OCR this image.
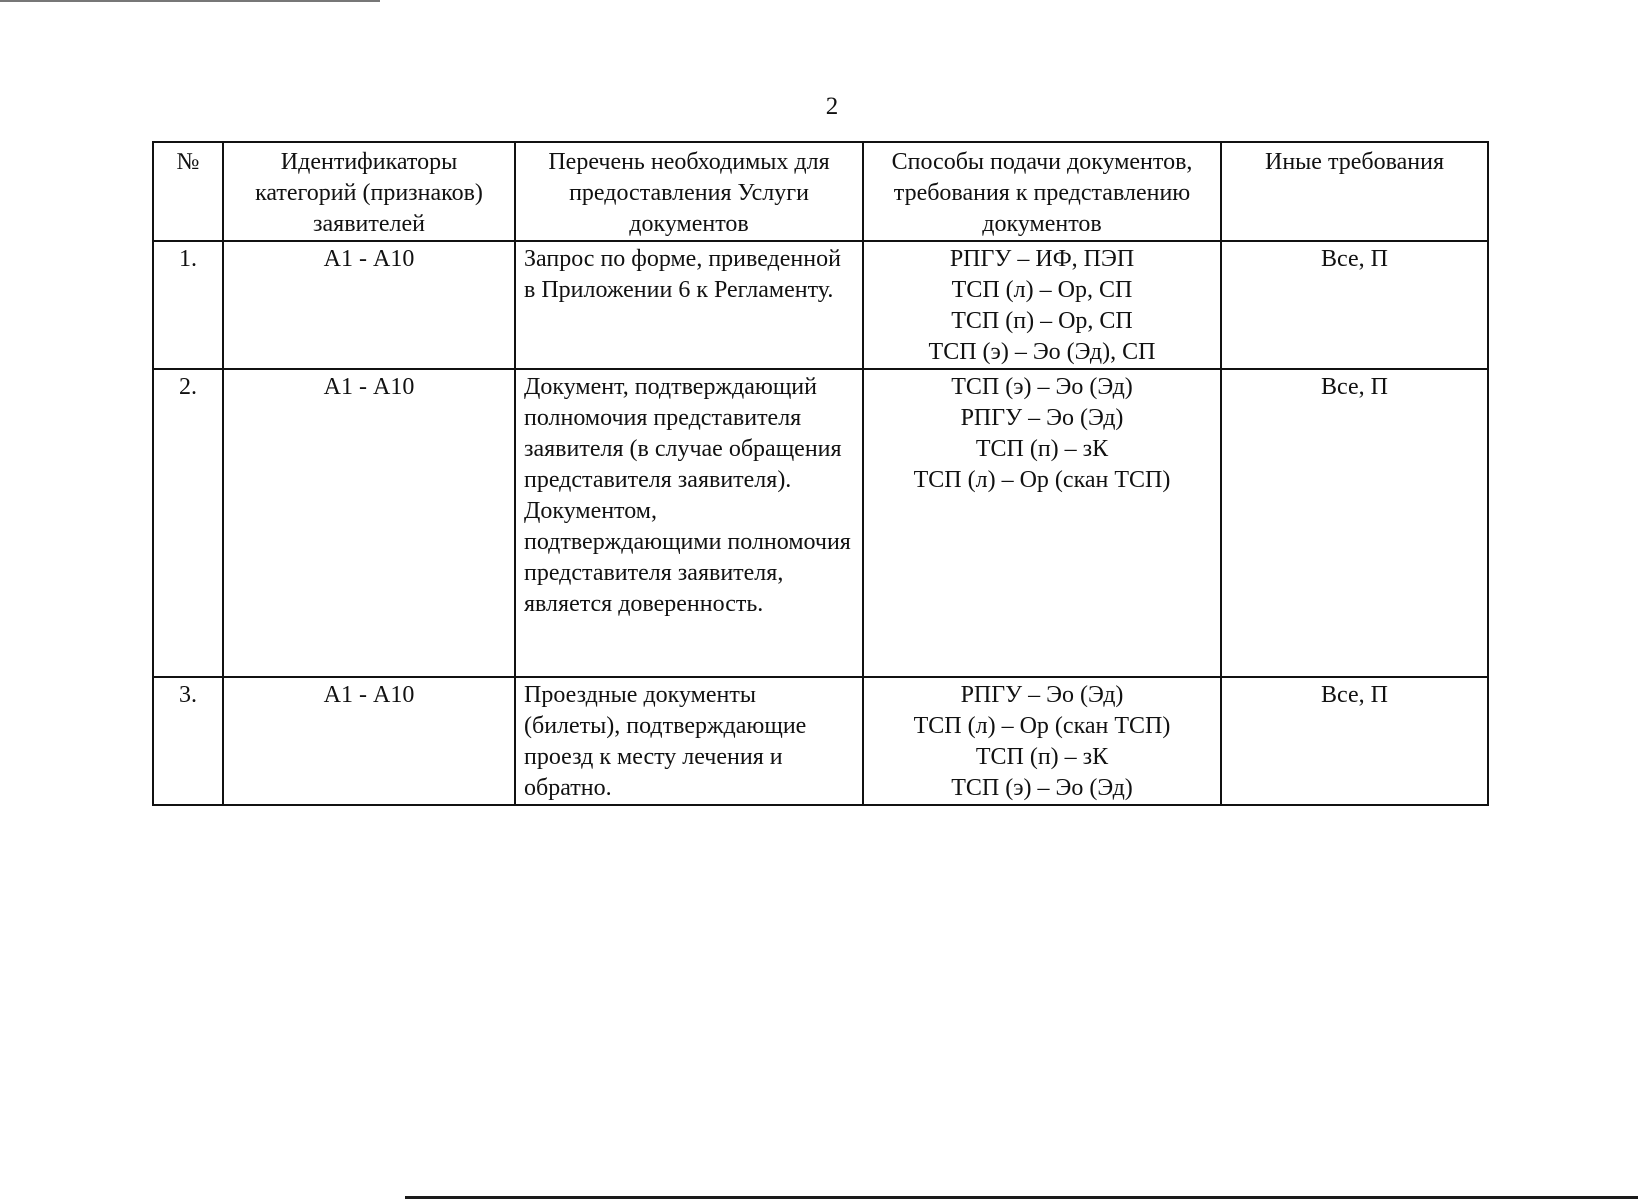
2
№	Идентификаторы категорий (признаков) заявителей	Перечень необходимых для предоставления Услуги документов	Способы подачи документов, требования к представлению документов	Иные требования
1.	А1 - А10	Запрос по форме, приведенной в Приложении 6 к Регламенту.	РПГУ – ИФ, ПЭП
ТСП (л) – Ор, СП
ТСП (п) – Ор, СП
ТСП (э) – Эо (Эд), СП	Все, П
2.	А1 - А10	Документ, подтверждающий полномочия представителя заявителя (в случае обращения представителя заявителя). Документом, подтверждающими полномочия представителя заявителя, является доверенность.	ТСП (э) – Эо (Эд)
РПГУ – Эо (Эд)
ТСП (п) – зК
ТСП (л) – Ор (скан ТСП)	Все, П
3.	А1 - А10	Проездные документы (билеты), подтверждающие проезд к месту лечения и обратно.	РПГУ – Эо (Эд)
ТСП (л) – Ор (скан ТСП)
ТСП (п) – зК
ТСП (э) – Эо (Эд)	Все, П
